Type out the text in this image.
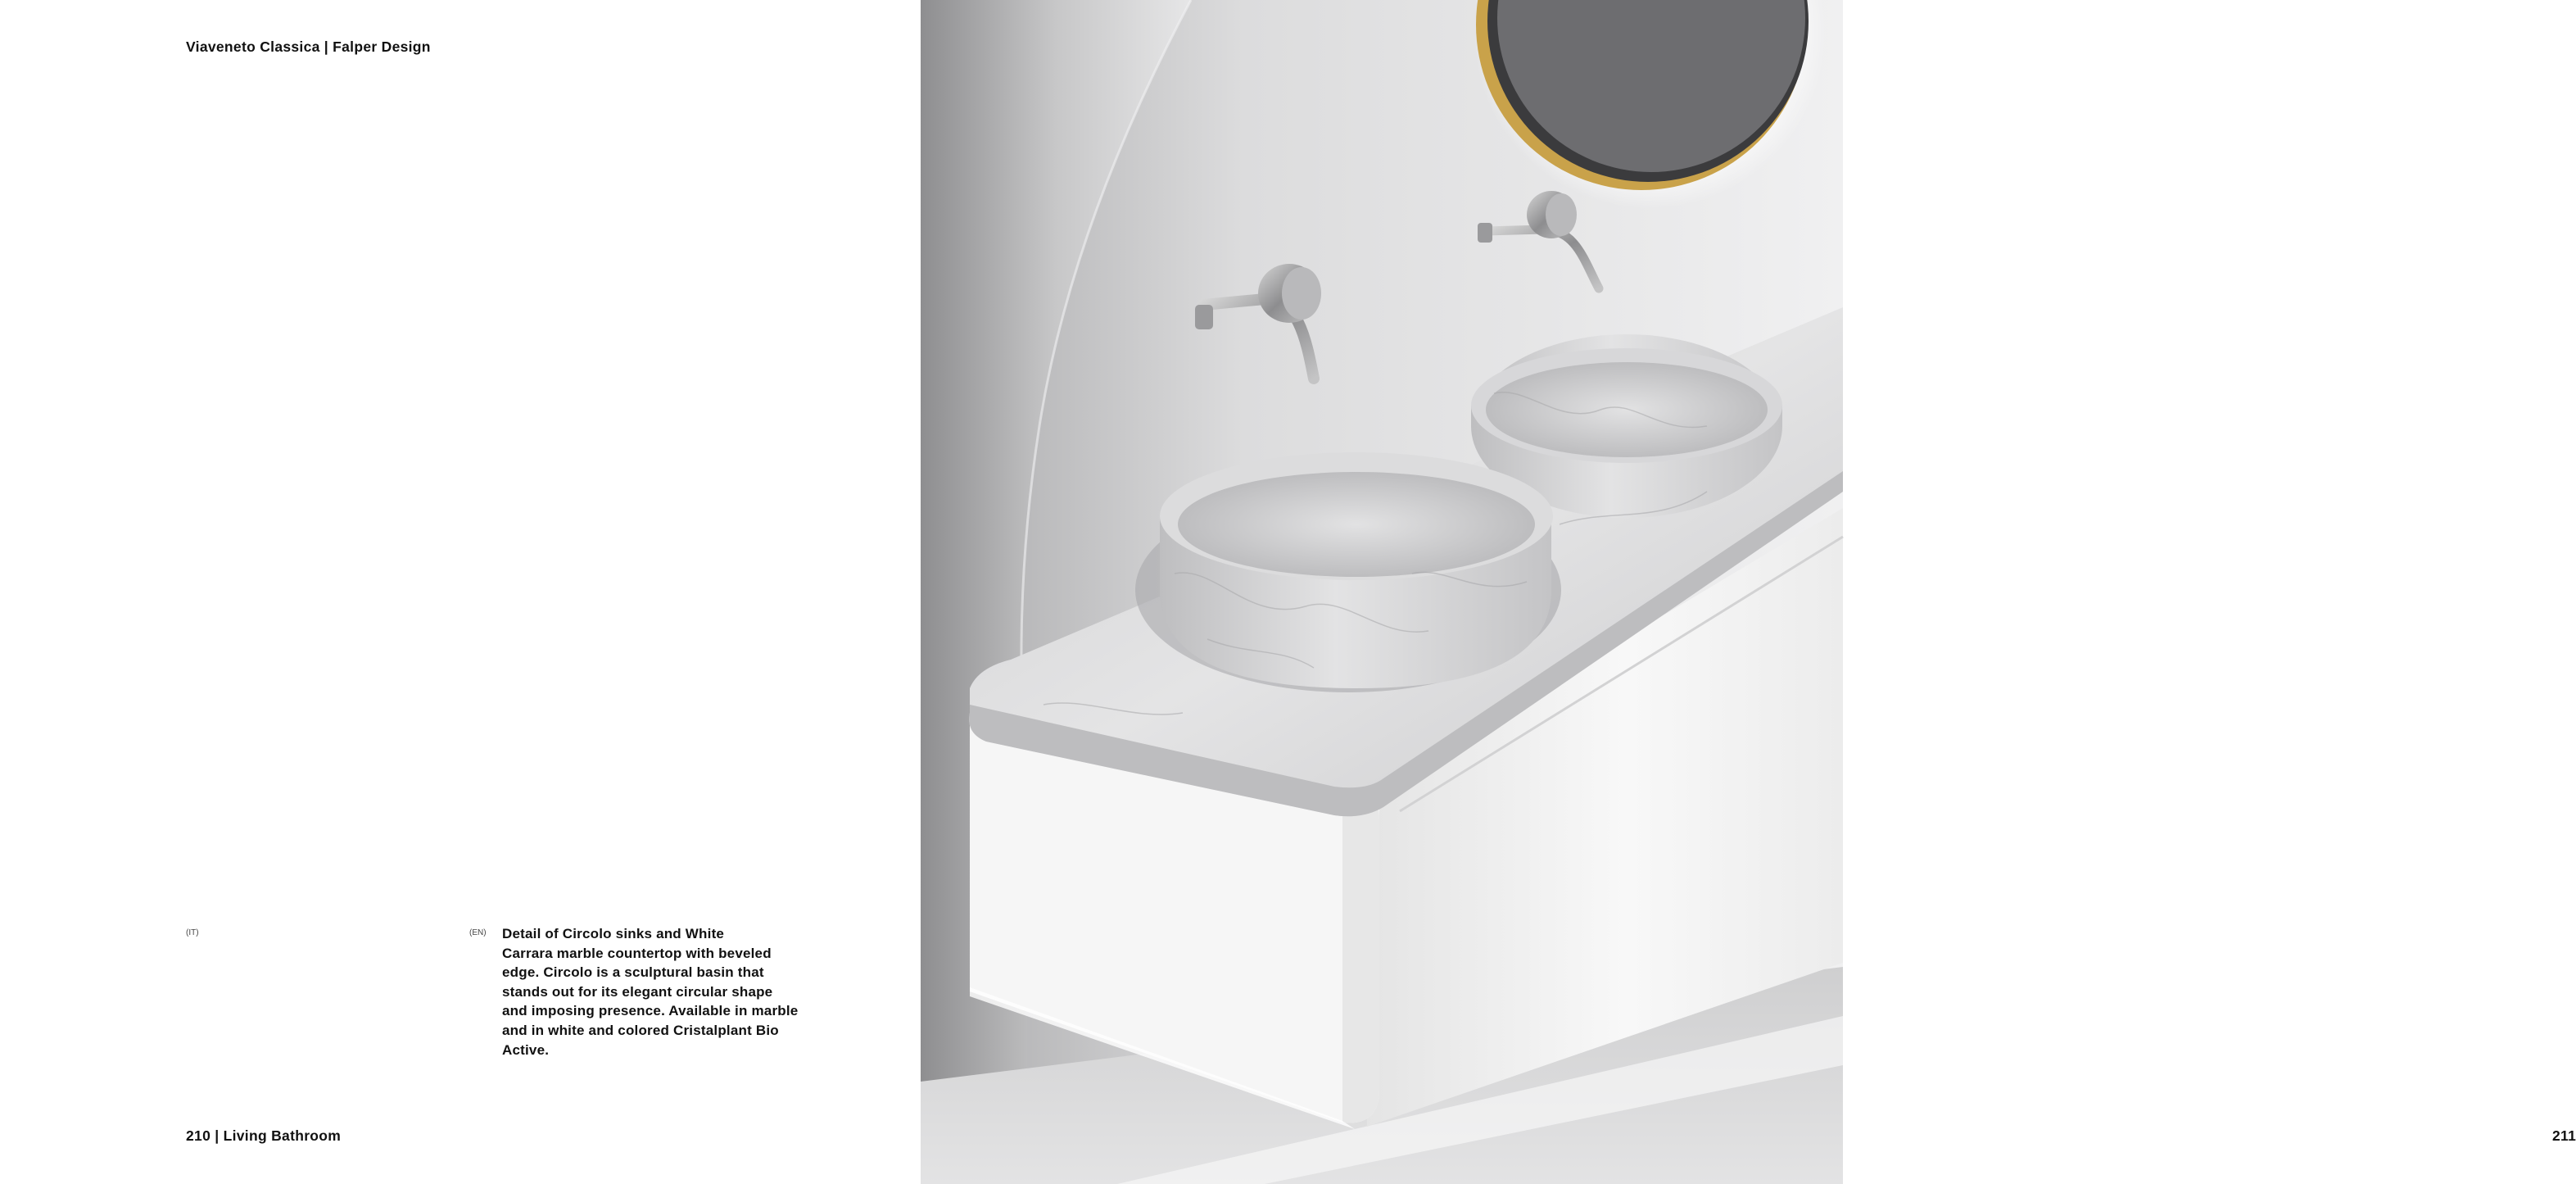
Viaveneto Classica | Falper Design
(IT)	(EN) Detail of Circolo sinks and White
Carrara marble countertop with beveled
edge. Circolo is a sculptural basin that
stands out for its elegant circular shape
and imposing presence. Available in marble
and in white and colored Cristalplant Bio
Active.

210 | Living Bathroom	211
